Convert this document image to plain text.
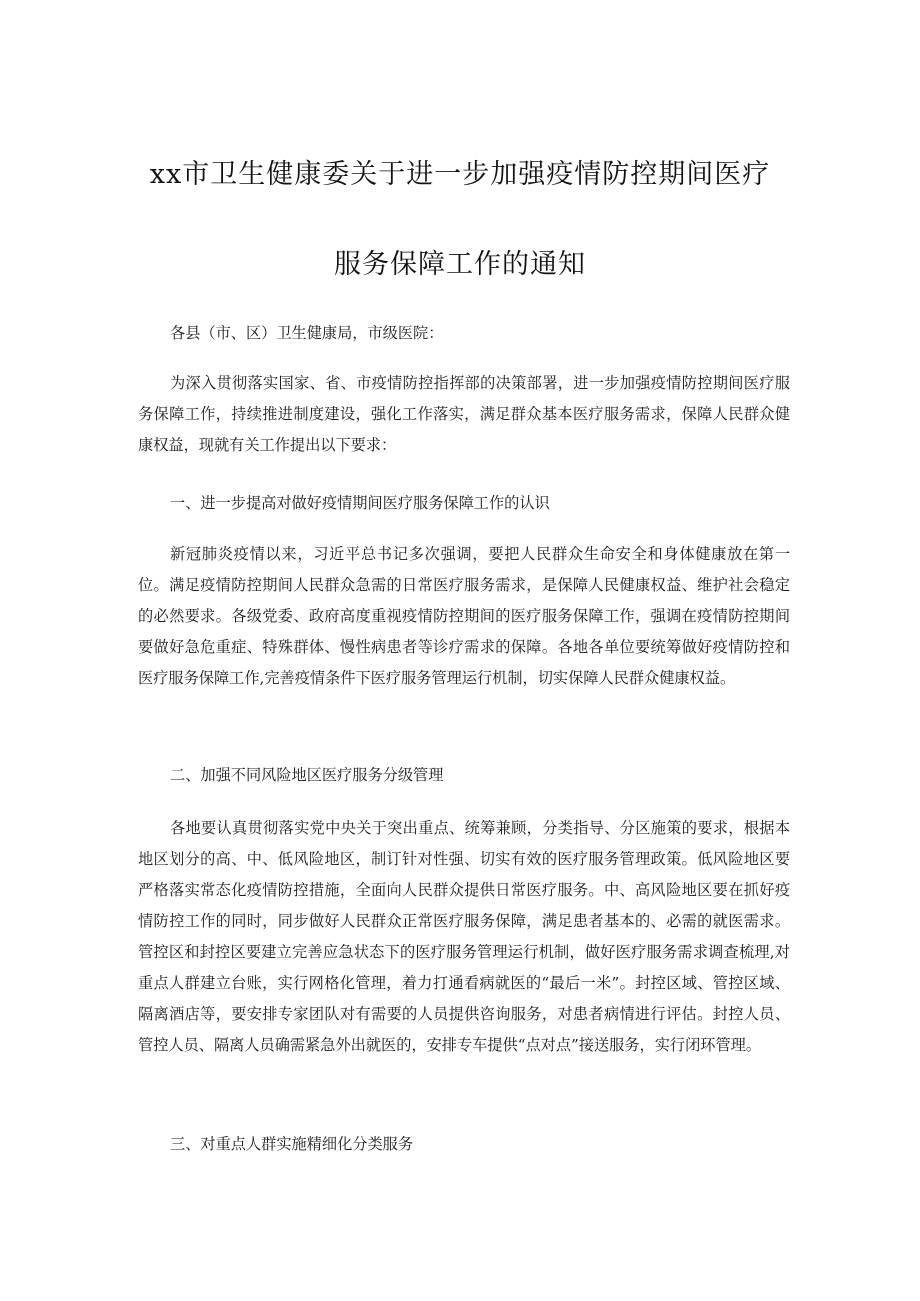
xx市卫生健康委关于进一步加强疫情防控期间医疗
服务保障工作的通知

各县（市、区）卫生健康局，市级医院：

为深入贯彻落实国家、省、市疫情防控指挥部的决策部署，进一步加强疫情防控期间医疗服务保障工作，持续推进制度建设，强化工作落实，满足群众基本医疗服务需求，保障人民群众健康权益，现就有关工作提出以下要求：

一、进一步提高对做好疫情期间医疗服务保障工作的认识

新冠肺炎疫情以来，习近平总书记多次强调，要把人民群众生命安全和身体健康放在第一位。满足疫情防控期间人民群众急需的日常医疗服务需求，是保障人民健康权益、维护社会稳定的必然要求。各级党委、政府高度重视疫情防控期间的医疗服务保障工作，强调在疫情防控期间要做好急危重症、特殊群体、慢性病患者等诊疗需求的保障。各地各单位要统筹做好疫情防控和医疗服务保障工作,完善疫情条件下医疗服务管理运行机制，切实保障人民群众健康权益。

二、加强不同风险地区医疗服务分级管理

各地要认真贯彻落实党中央关于突出重点、统筹兼顾，分类指导、分区施策的要求，根据本地区划分的高、中、低风险地区，制订针对性强、切实有效的医疗服务管理政策。低风险地区要严格落实常态化疫情防控措施，全面向人民群众提供日常医疗服务。中、高风险地区要在抓好疫情防控工作的同时，同步做好人民群众正常医疗服务保障，满足患者基本的、必需的就医需求。管控区和封控区要建立完善应急状态下的医疗服务管理运行机制，做好医疗服务需求调查梳理,对重点人群建立台账，实行网格化管理，着力打通看病就医的“最后一米”。封控区域、管控区域、隔离酒店等，要安排专家团队对有需要的人员提供咨询服务，对患者病情进行评估。封控人员、管控人员、隔离人员确需紧急外出就医的，安排专车提供“点对点”接送服务，实行闭环管理。

三、对重点人群实施精细化分类服务
